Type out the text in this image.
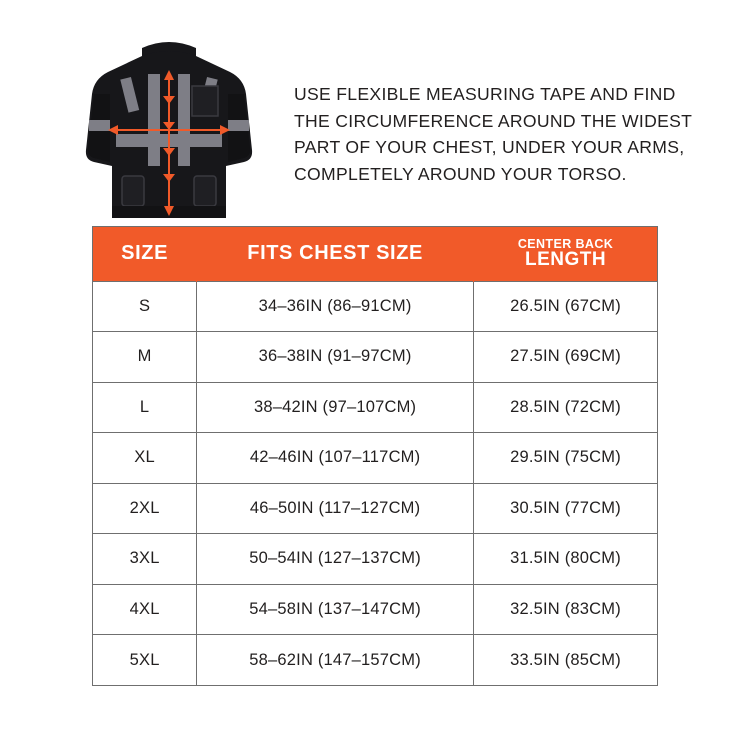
USE FLEXIBLE MEASURING TAPE AND FIND THE CIRCUMFERENCE AROUND THE WIDEST PART OF YOUR CHEST, UNDER YOUR ARMS, COMPLETELY AROUND YOUR TORSO.
SIZE	FITS CHEST SIZE	CENTER BACK
LENGTH

S	34–36IN (86–91CM)	26.5IN (67CM)
M	36–38IN (91–97CM)	27.5IN (69CM)
L	38–42IN (97–107CM)	28.5IN (72CM)
XL	42–46IN (107–117CM)	29.5IN (75CM)
2XL	46–50IN (117–127CM)	30.5IN (77CM)
3XL	50–54IN (127–137CM)	31.5IN (80CM)
4XL	54–58IN (137–147CM)	32.5IN (83CM)
5XL	58–62IN (147–157CM)	33.5IN (85CM)
